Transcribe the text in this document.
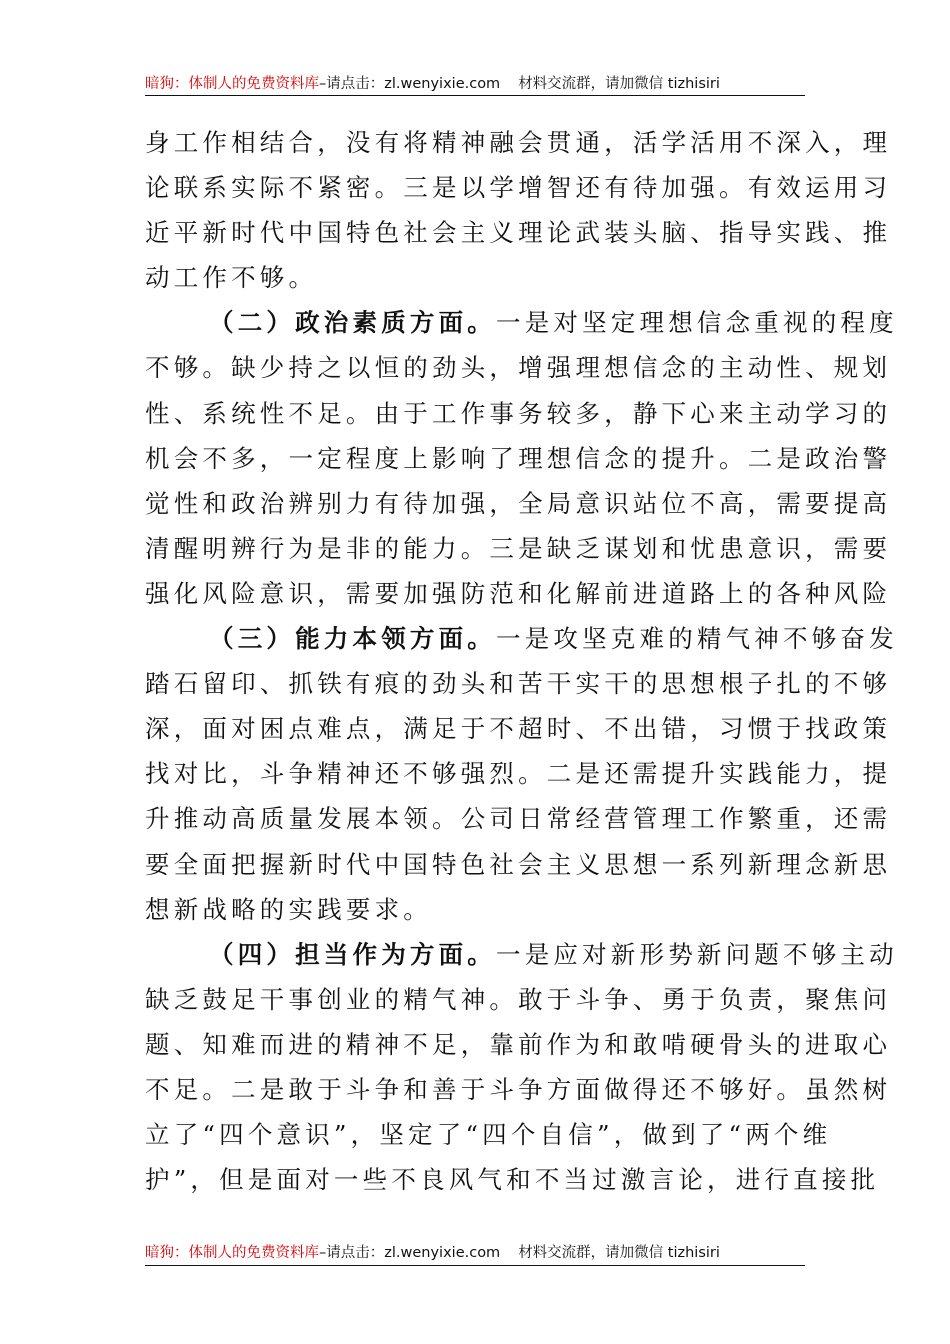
暗狗：体制人的免费资料库 –请点击： zl.wenyixie.com 材料交流群，请加微信 tizhisiri
身工作相结合，没有将精神融会贯通，活学活用不深入，理
论联系实际不紧密。三是以学增智还有待加强。有效运用习
近平新时代中国特色社会主义理论武装头脑、指导实践、推
动工作不够。
（二）政治素质方面。一是对坚定理想信念重视的程度
不够。缺少持之以恒的劲头，增强理想信念的主动性、规划
性、系统性不足。由于工作事务较多，静下心来主动学习的
机会不多，一定程度上影响了理想信念的提升。二是政治警
觉性和政治辨别力有待加强，全局意识站位不高，需要提高
清醒明辨行为是非的能力。三是缺乏谋划和忧患意识，需要
强化风险意识，需要加强防范和化解前进道路上的各种风险
（三）能力本领方面。一是攻坚克难的精气神不够奋发
踏石留印、抓铁有痕的劲头和苦干实干的思想根子扎的不够
深，面对困点难点，满足于不超时、不出错，习惯于找政策
找对比，斗争精神还不够强烈。二是还需提升实践能力，提
升推动高质量发展本领。公司日常经营管理工作繁重，还需
要全面把握新时代中国特色社会主义思想一系列新理念新思
想新战略的实践要求。
（四）担当作为方面。一是应对新形势新问题不够主动
缺乏鼓足干事创业的精气神。敢于斗争、勇于负责，聚焦问
题、知难而进的精神不足，靠前作为和敢啃硬骨头的进取心
不足。二是敢于斗争和善于斗争方面做得还不够好。虽然树
立了“四个意识”，坚定了“四个自信”，做到了“两个维
护”，但是面对一些不良风气和不当过激言论，进行直接批
暗狗：体制人的免费资料库 –请点击： zl.wenyixie.com 材料交流群，请加微信 tizhisiri
